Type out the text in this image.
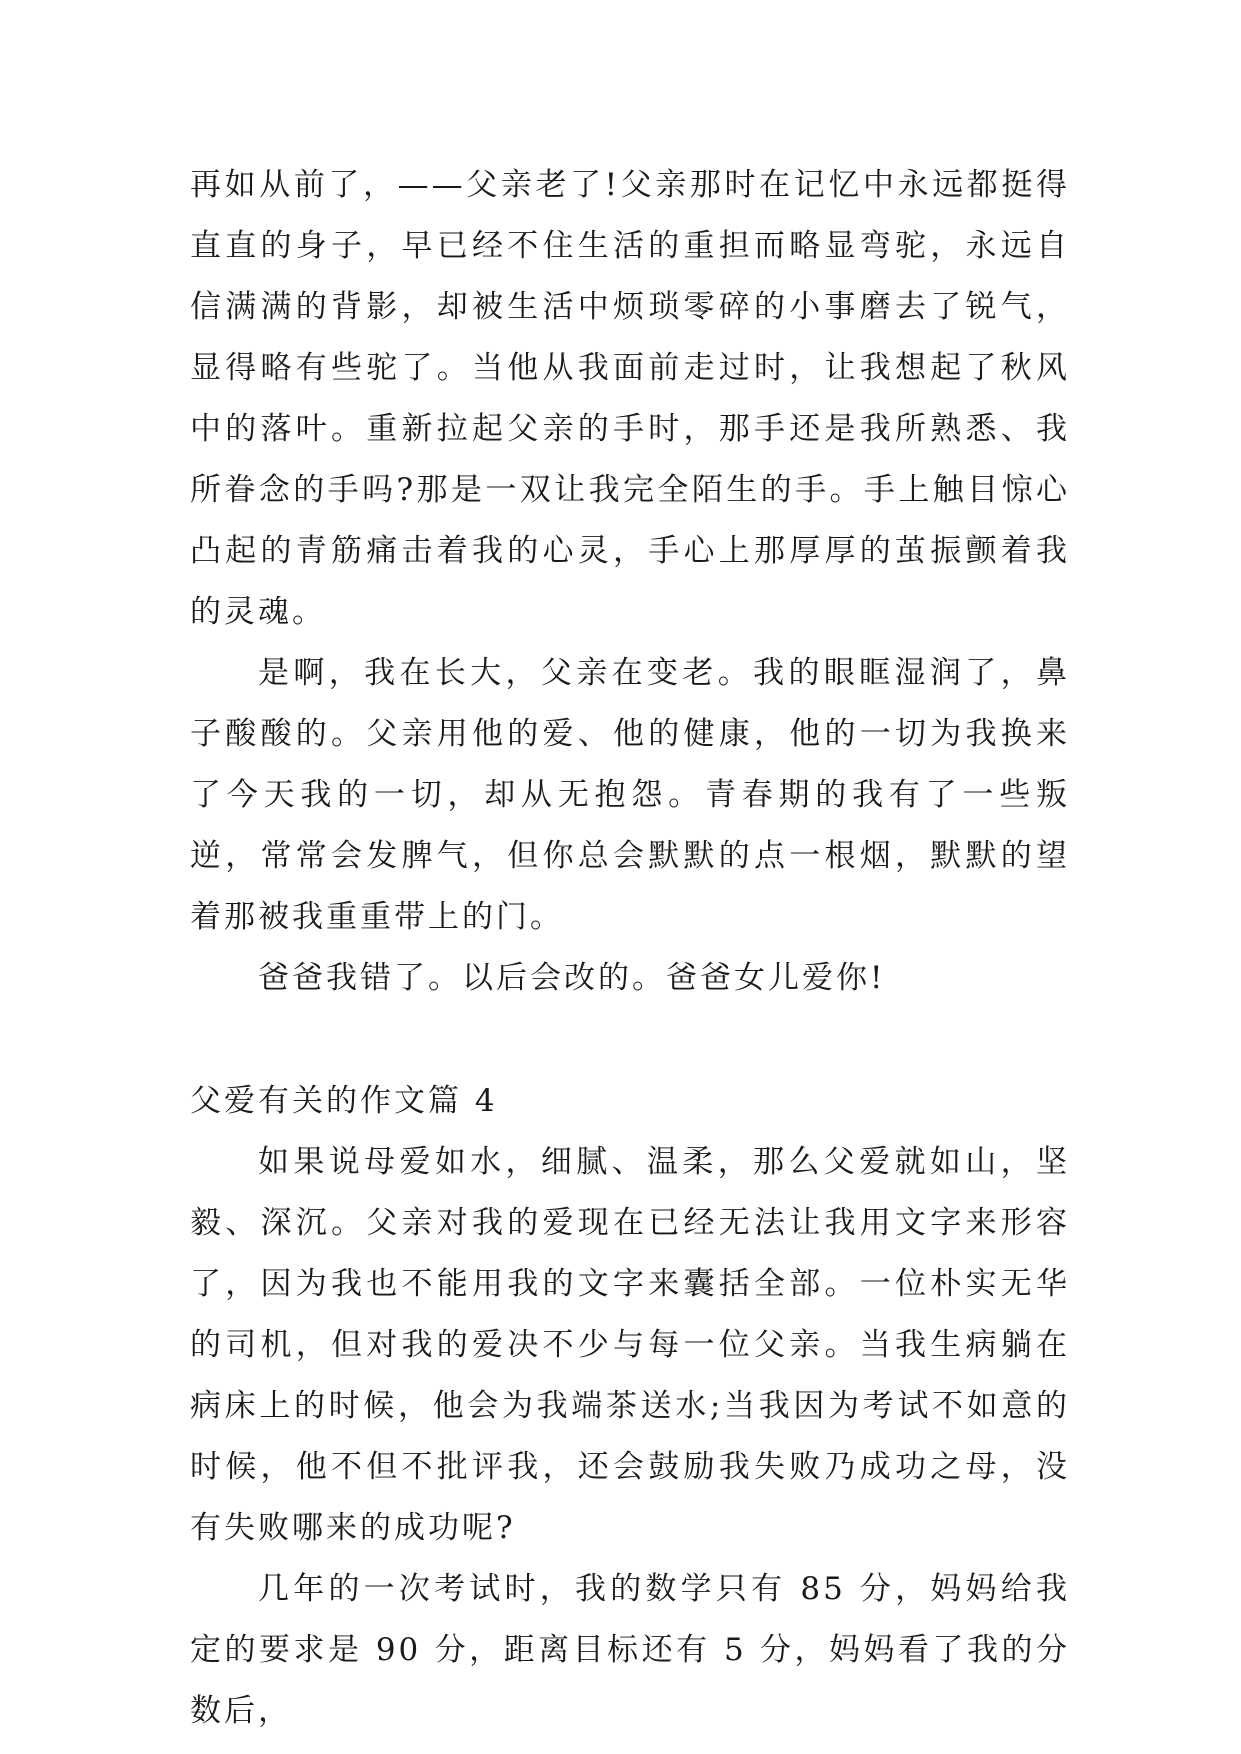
再如从前了，——父亲老了!父亲那时在记忆中永远都挺得直直的身子，早已经不住生活的重担而略显弯驼，永远自信满满的背影，却被生活中烦琐零碎的小事磨去了锐气，显得略有些驼了。当他从我面前走过时，让我想起了秋风中的落叶。重新拉起父亲的手时，那手还是我所熟悉、我所眷念的手吗?那是一双让我完全陌生的手。手上触目惊心凸起的青筋痛击着我的心灵，手心上那厚厚的茧振颤着我的灵魂。

是啊，我在长大，父亲在变老。我的眼眶湿润了，鼻子酸酸的。父亲用他的爱、他的健康，他的一切为我换来了今天我的一切，却从无抱怨。青春期的我有了一些叛逆，常常会发脾气，但你总会默默的点一根烟，默默的望着那被我重重带上的门。

爸爸我错了。以后会改的。爸爸女儿爱你!

父爱有关的作文篇 4

如果说母爱如水，细腻、温柔，那么父爱就如山，坚毅、深沉。父亲对我的爱现在已经无法让我用文字来形容了，因为我也不能用我的文字来囊括全部。一位朴实无华的司机，但对我的爱决不少与每一位父亲。当我生病躺在病床上的时候，他会为我端茶送水;当我因为考试不如意的时候，他不但不批评我，还会鼓励我失败乃成功之母，没有失败哪来的成功呢?

几年的一次考试时，我的数学只有 85 分，妈妈给我定的要求是 90 分，距离目标还有 5 分，妈妈看了我的分数后，
